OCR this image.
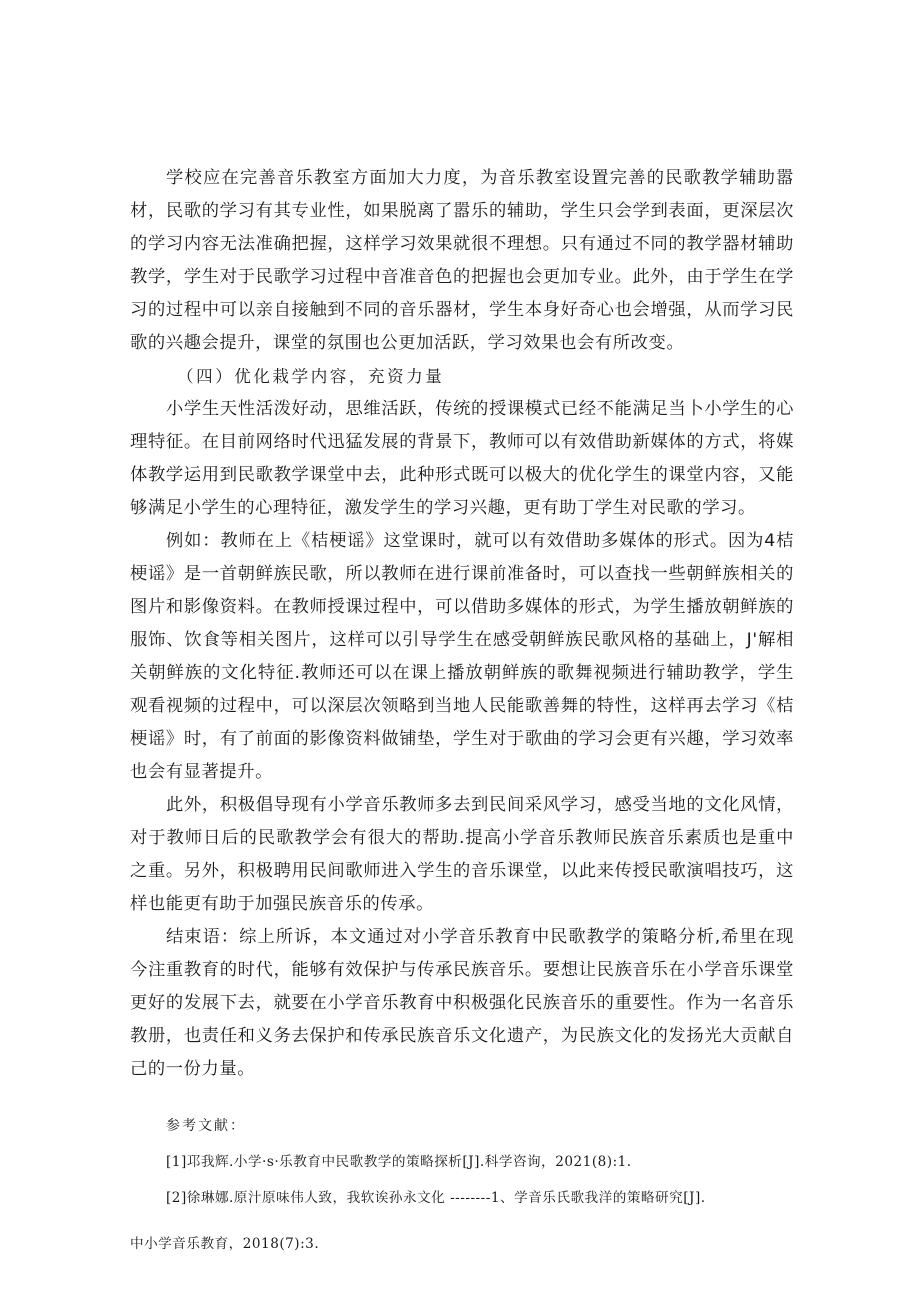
学校应在完善音乐教室方面加大力度，为音乐教室设置完善的民歌教学辅助嚣材，民歌的学习有其专业性，如果脱离了嚣乐的辅助，学生只会学到表面，更深层次的学习内容无法准确把握，这样学习效果就很不理想。只有通过不同的教学器材辅助教学，学生对于民歌学习过程中音准音色的把握也会更加专业。此外，由于学生在学习的过程中可以亲自接触到不同的音乐器材，学生本身好奇心也会增强，从而学习民歌的兴趣会提升，课堂的氛围也公更加活跃，学习效果也会有所改变。

（四）优化栽学内容，充资力量

小学生天性活泼好动，思维活跃，传统的授课模式已经不能满足当卜小学生的心理特征。在目前网络时代迅猛发展的背景下，教师可以有效借助新媒体的方式，将媒体教学运用到民歌教学课堂中去，此种形式既可以极大的优化学生的课堂内容，又能够满足小学生的心理特征，激发学生的学习兴趣，更有助丁学生对民歌的学习。

例如：教师在上《桔梗谣》这堂课时，就可以有效借助多媒体的形式。因为4桔梗谣》是一首朝鲜族民歌，所以教师在进行课前准备时，可以查找一些朝鲜族相关的图片和影像资料。在教师授课过程中，可以借助多媒体的形式，为学生播放朝鲜族的服饰、饮食等相关图片，这样可以引导学生在感受朝鲜族民歌风格的基础上，J'解相关朝鲜族的文化特征.教师还可以在课上播放朝鲜族的歌舞视频进行辅助教学，学生观看视频的过程中，可以深层次领略到当地人民能歌善舞的特性，这样再去学习《桔梗谣》时，有了前面的影像资料做铺垫，学生对于歌曲的学习会更有兴趣，学习效率也会有显著提升。

此外，积极倡导现有小学音乐教师多去到民间采风学习，感受当地的文化风情，对于教师日后的民歌教学会有很大的帮助.提高小学音乐教师民族音乐素质也是重中之重。另外，积极聘用民间歌师进入学生的音乐课堂，以此来传授民歌演唱技巧，这样也能更有助于加强民族音乐的传承。

结束语：综上所诉，本文通过对小学音乐教育中民歌教学的策略分析,希里在现今注重教育的时代，能够有效保护与传承民族音乐。要想让民族音乐在小学音乐课堂更好的发展下去，就要在小学音乐教育中积极强化民族音乐的重要性。作为一名音乐教册，也责任和义务去保护和传承民族音乐文化遗产，为民族文化的发扬光大贡献自己的一份力量。

参考文献：

[1]邛我辉.小学·s·乐教育中民歌教学的策略探析[J].科学咨询，2021(8):1.

[2]徐琳娜.原汁原味伟人致，我软诶孙永文化 --------1、学音乐氏歌我洋的策略研究[J].

中小学音乐教育，2018(7):3.
